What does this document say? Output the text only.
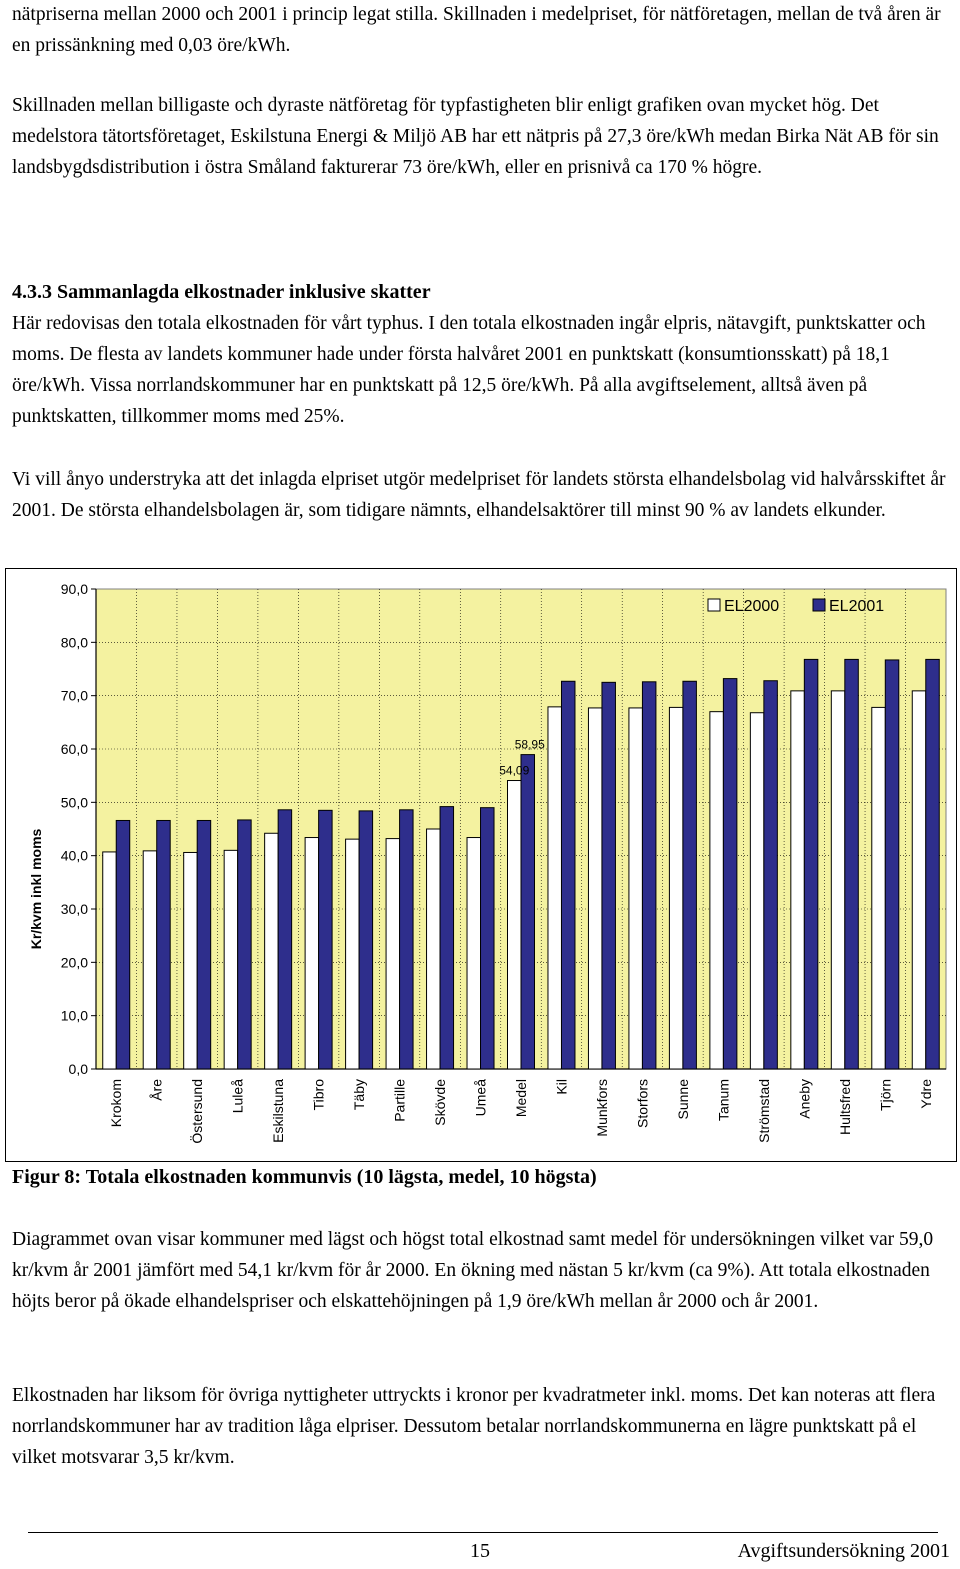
nätpriserna mellan 2000 och 2001 i princip legat stilla. Skillnaden i medelpriset, för nätföretagen, mellan de två åren är en prissänkning med 0,03 öre/kWh.

Skillnaden mellan billigaste och dyraste nätföretag för typfastigheten blir enligt grafiken ovan mycket hög. Det medelstora tätortsföretaget, Eskilstuna Energi & Miljö AB har ett nätpris på 27,3 öre/kWh medan Birka Nät AB för sin landsbygdsdistribution i östra Småland fakturerar 73 öre/kWh, eller en prisnivå ca 170 % högre.

4.3.3 Sammanlagda elkostnader inklusive skatter

Här redovisas den totala elkostnaden för vårt typhus. I den totala elkostnaden ingår elpris, nätavgift, punktskatter och moms. De flesta av landets kommuner hade under första halvåret 2001 en punktskatt (konsumtionsskatt) på 18,1 öre/kWh. Vissa norrlandskommuner har en punktskatt på 12,5 öre/kWh. På alla avgiftselement, alltså även på punktskatten, tillkommer moms med 25%.

Vi vill ånyo understryka att det inlagda elpriset utgör medelpriset för landets största elhandelsbolag vid halvårsskiftet år 2001. De största elhandelsbolagen är, som tidigare nämnts, elhandelsaktörer till minst 90 % av landets elkunder.

0,0
10,0
20,0
30,0
40,0
50,0
60,0
70,0
80,0
90,0
Kr/kvm inkl moms
Krokom Åre Östersund Luleå Eskilstuna Tibro Täby Partille Skövde Umeå Medel Kil Munkfors Storfors Sunne Tanum Strömstad Aneby Hultsfred Tjörn Ydre
54,09
58,95
EL2000	EL2001

Figur 8: Totala elkostnaden kommunvis (10 lägsta, medel, 10 högsta)

Diagrammet ovan visar kommuner med lägst och högst total elkostnad samt medel för undersökningen vilket var 59,0 kr/kvm år 2001 jämfört med 54,1 kr/kvm för år 2000. En ökning med nästan 5 kr/kvm (ca 9%). Att totala elkostnaden höjts beror på ökade elhandelspriser och elskattehöjningen på 1,9 öre/kWh mellan år 2000 och år 2001.

Elkostnaden har liksom för övriga nyttigheter uttryckts i kronor per kvadratmeter inkl. moms. Det kan noteras att flera norrlandskommuner har av tradition låga elpriser. Dessutom betalar norrlandskommunerna en lägre punktskatt på el vilket motsvarar 3,5 kr/kvm.

15	Avgiftsundersökning 2001
